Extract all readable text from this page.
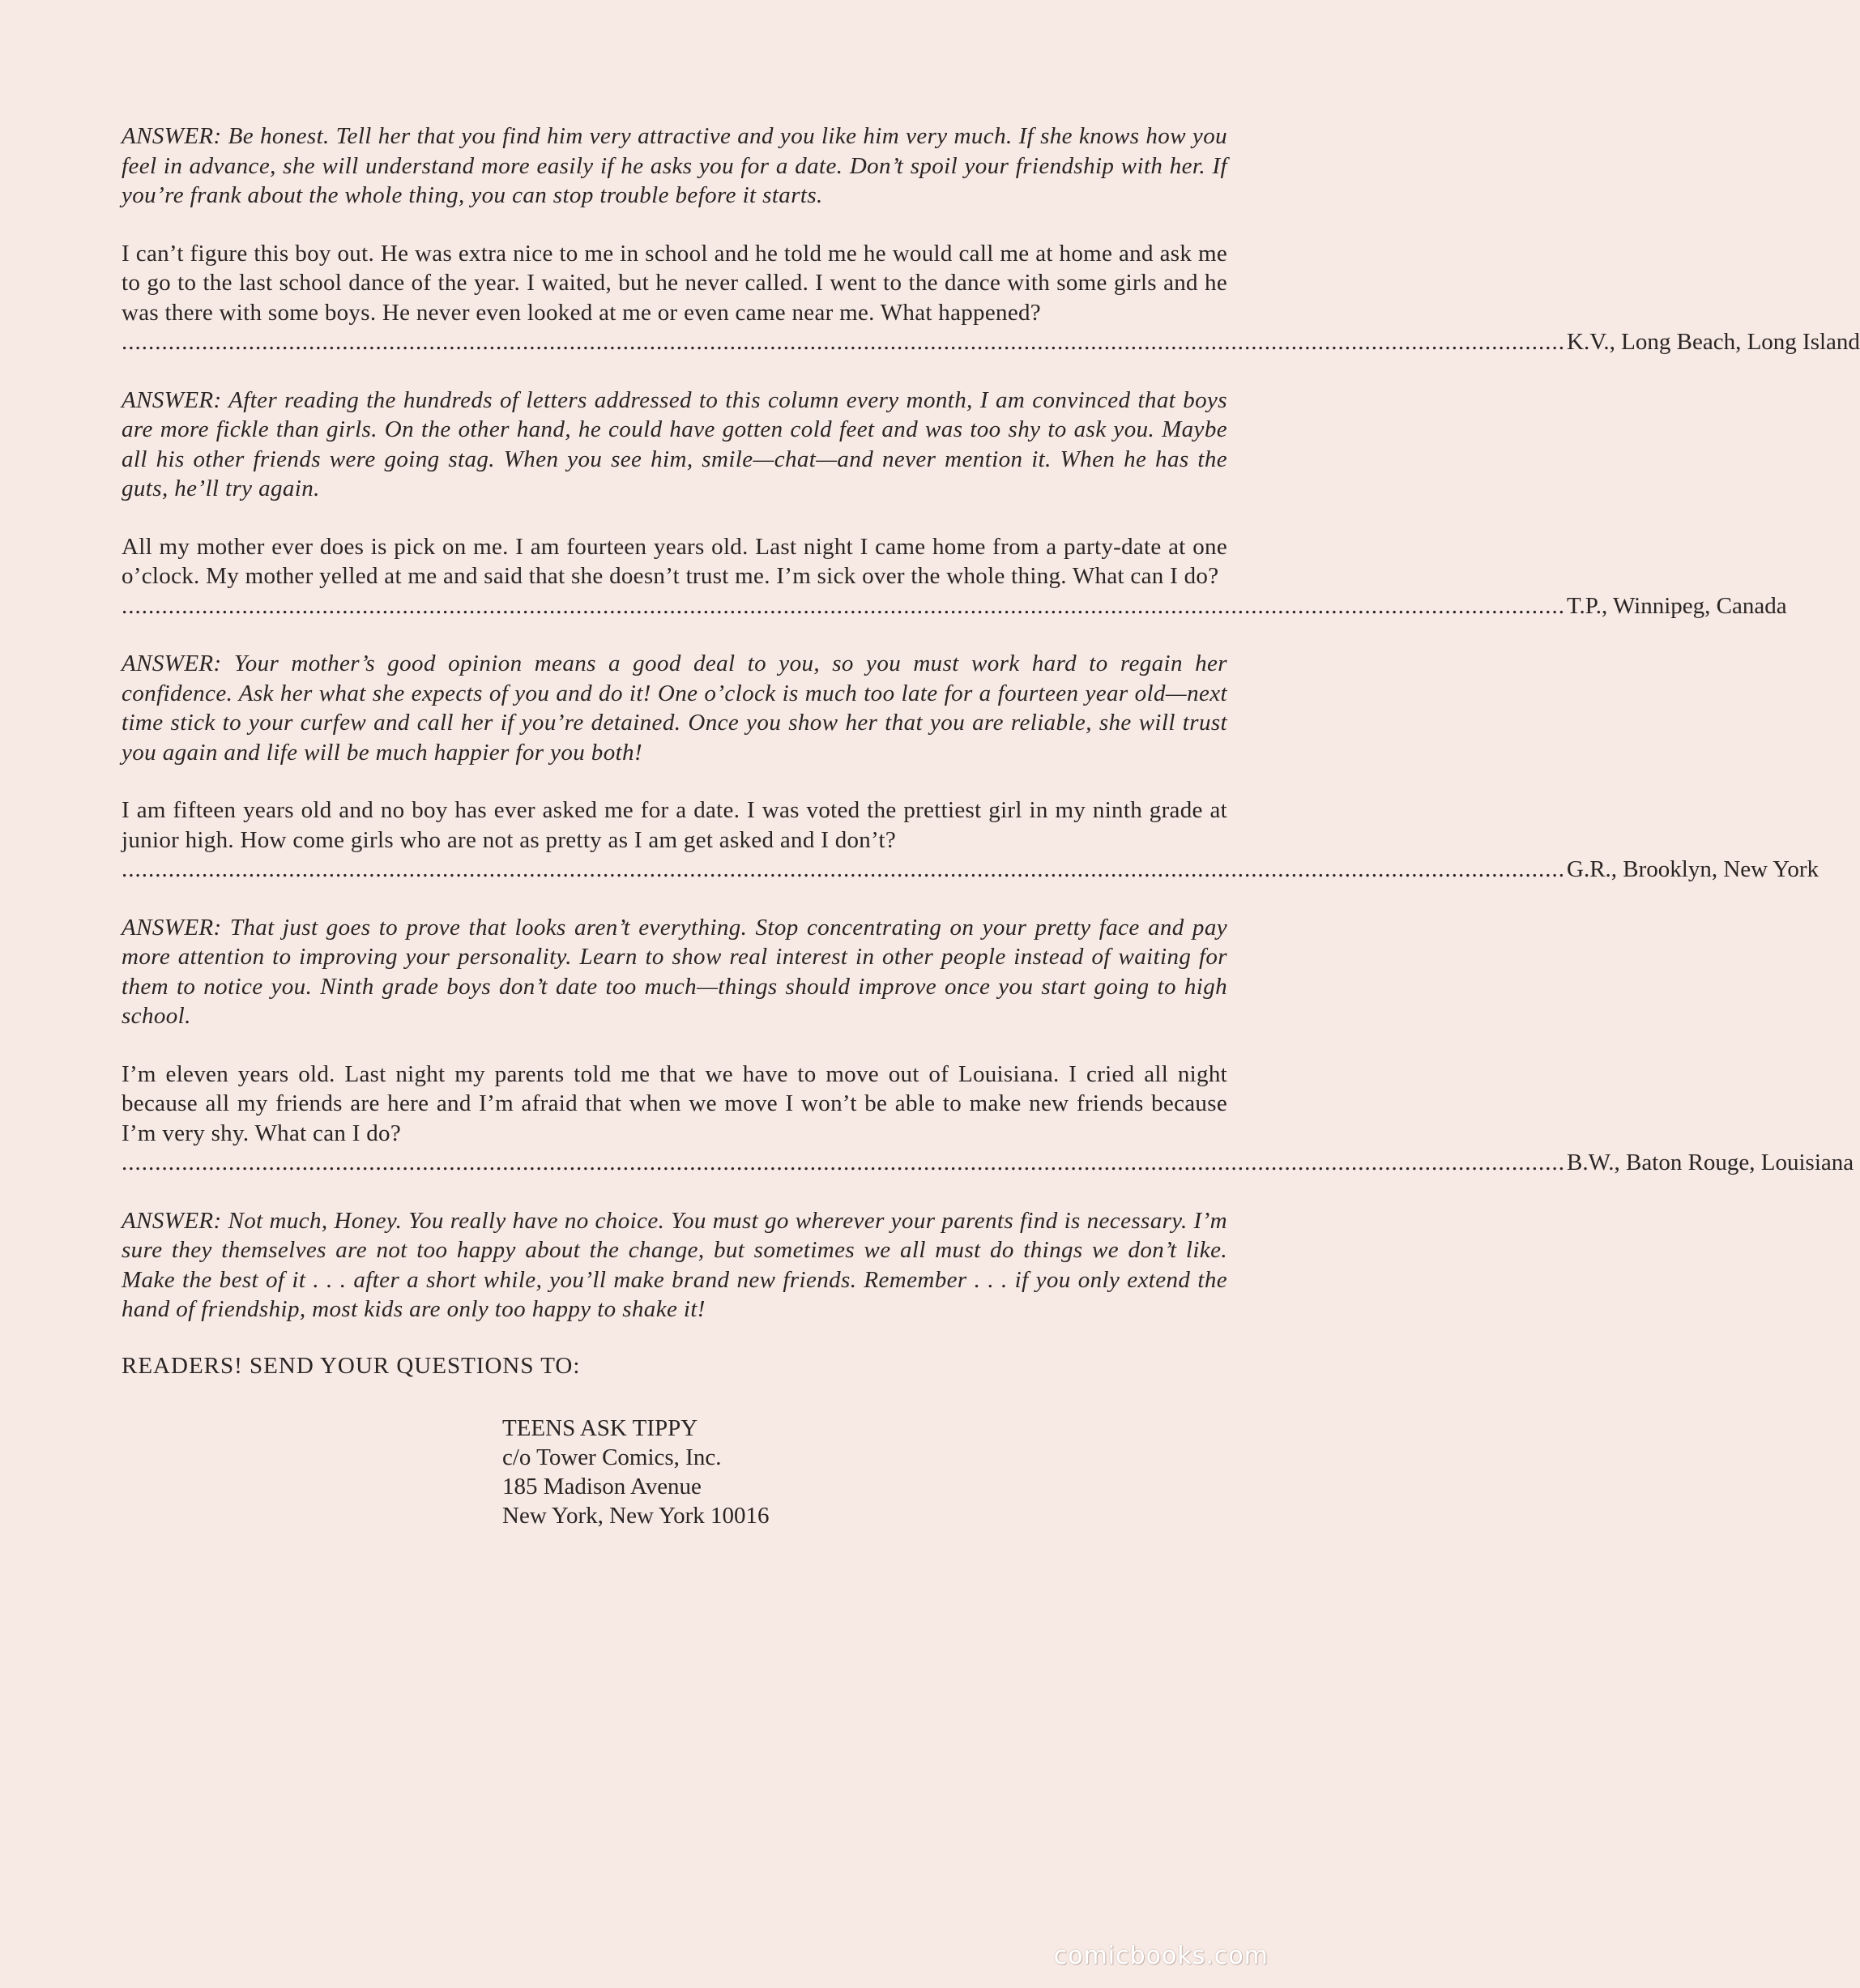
ANSWER: Be honest. Tell her that you find him very attractive and you like him very much. If she knows how you feel in advance, she will understand more easily if he asks you for a date. Don’t spoil your friendship with her. If you’re frank about the whole thing, you can stop trouble before it starts.

I can’t figure this boy out. He was extra nice to me in school and he told me he would call me at home and ask me to go to the last school dance of the year. I waited, but he never called. I went to the dance with some girls and he was there with some boys. He never even looked at me or even came near me. What happened?

........................................................................................................................................................................................................................ K.V., Long Beach, Long Island

ANSWER: After reading the hundreds of letters addressed to this column every month, I am convinced that boys are more fickle than girls. On the other hand, he could have gotten cold feet and was too shy to ask you. Maybe all his other friends were going stag. When you see him, smile—chat—and never mention it. When he has the guts, he’ll try again.

All my mother ever does is pick on me. I am fourteen years old. Last night I came home from a party-date at one o’clock. My mother yelled at me and said that she doesn’t trust me. I’m sick over the whole thing. What can I do?

........................................................................................................................................................................................................................ T.P., Winnipeg, Canada

ANSWER: Your mother’s good opinion means a good deal to you, so you must work hard to regain her confidence. Ask her what she expects of you and do it! One o’clock is much too late for a fourteen year old—next time stick to your curfew and call her if you’re detained. Once you show her that you are reliable, she will trust you again and life will be much happier for you both!

I am fifteen years old and no boy has ever asked me for a date. I was voted the prettiest girl in my ninth grade at junior high. How come girls who are not as pretty as I am get asked and I don’t?

........................................................................................................................................................................................................................ G.R., Brooklyn, New York

ANSWER: That just goes to prove that looks aren’t everything. Stop concentrating on your pretty face and pay more attention to improving your personality. Learn to show real interest in other people instead of waiting for them to notice you. Ninth grade boys don’t date too much—things should improve once you start going to high school.

I’m eleven years old. Last night my parents told me that we have to move out of Louisiana. I cried all night because all my friends are here and I’m afraid that when we move I won’t be able to make new friends because I’m very shy. What can I do?

........................................................................................................................................................................................................................ B.W., Baton Rouge, Louisiana

ANSWER: Not much, Honey. You really have no choice. You must go wherever your parents find is necessary. I’m sure they themselves are not too happy about the change, but sometimes we all must do things we don’t like. Make the best of it . . . after a short while, you’ll make brand new friends. Remember . . . if you only extend the hand of friendship, most kids are only too happy to shake it!

READERS! SEND YOUR QUESTIONS TO:

TEENS ASK TIPPY
c/o Tower Comics, Inc.
185 Madison Avenue
New York, New York 10016
comicbooks.com
